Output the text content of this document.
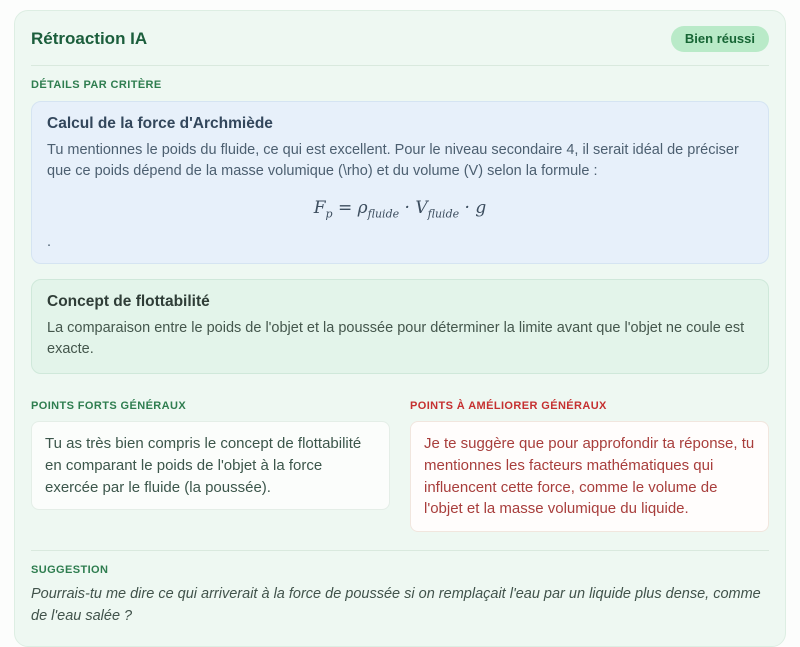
Rétroaction IA	Bien réussi
DÉTAILS PAR CRITÈRE
Calcul de la force d'Archmiède
Tu mentionnes le poids du fluide, ce qui est excellent. Pour le niveau secondaire 4, il serait idéal de préciser que ce poids dépend de la masse volumique (\rho) et du volume (V) selon la formule :
$F_p = \rho_{fluide} \cdot V_{fluide} \cdot g$
.
Concept de flottabilité
La comparaison entre le poids de l'objet et la poussée pour déterminer la limite avant que l'objet ne coule est exacte.
POINTS FORTS GÉNÉRAUX
Tu as très bien compris le concept de flottabilité en comparant le poids de l'objet à la force exercée par le fluide (la poussée).
POINTS À AMÉLIORER GÉNÉRAUX
Je te suggère que pour approfondir ta réponse, tu mentionnes les facteurs mathématiques qui influencent cette force, comme le volume de l'objet et la masse volumique du liquide.
SUGGESTION
Pourrais-tu me dire ce qui arriverait à la force de poussée si on remplaçait l'eau par un liquide plus dense, comme de l'eau salée ?
